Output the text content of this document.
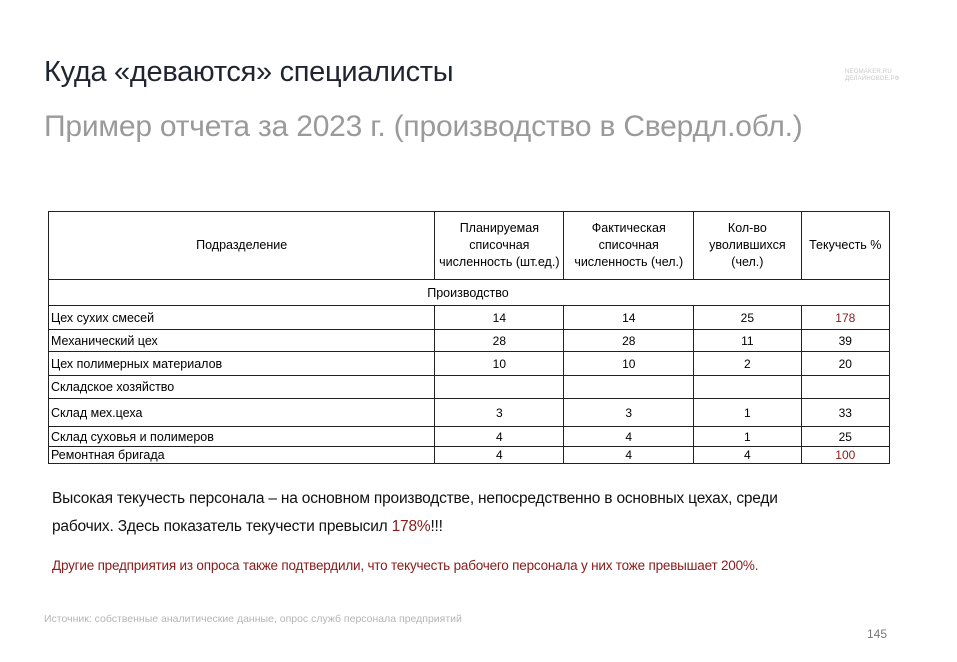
Куда «деваются» специалисты
Пример отчета за 2023 г. (производство в Свердл.обл.)
NEOMAKER.RU
ДЕЛАЙНОВОЕ.РФ
Подразделение	Планируемая списочная численность (шт.ед.)	Фактическая списочная численность (чел.)	Кол-во уволившихся (чел.)	Текучесть %
Производство				
Цех сухих смесей	14	14	25	178
Механический цех	28	28	11	39
Цех полимерных материалов	10	10	2	20
Складское хозяйство				
Склад мех.цеха	3	3	1	33
Склад суховья и полимеров	4	4	1	25
Ремонтная бригада	4	4	4	100
Высокая текучесть персонала – на основном производстве, непосредственно в основных цехах, среди
рабочих. Здесь показатель текучести превысил 178%!!!
Другие предприятия из опроса также подтвердили, что текучесть рабочего персонала у них тоже превышает 200%.
Источник: собственные аналитические данные, опрос служб персонала предприятий
145
